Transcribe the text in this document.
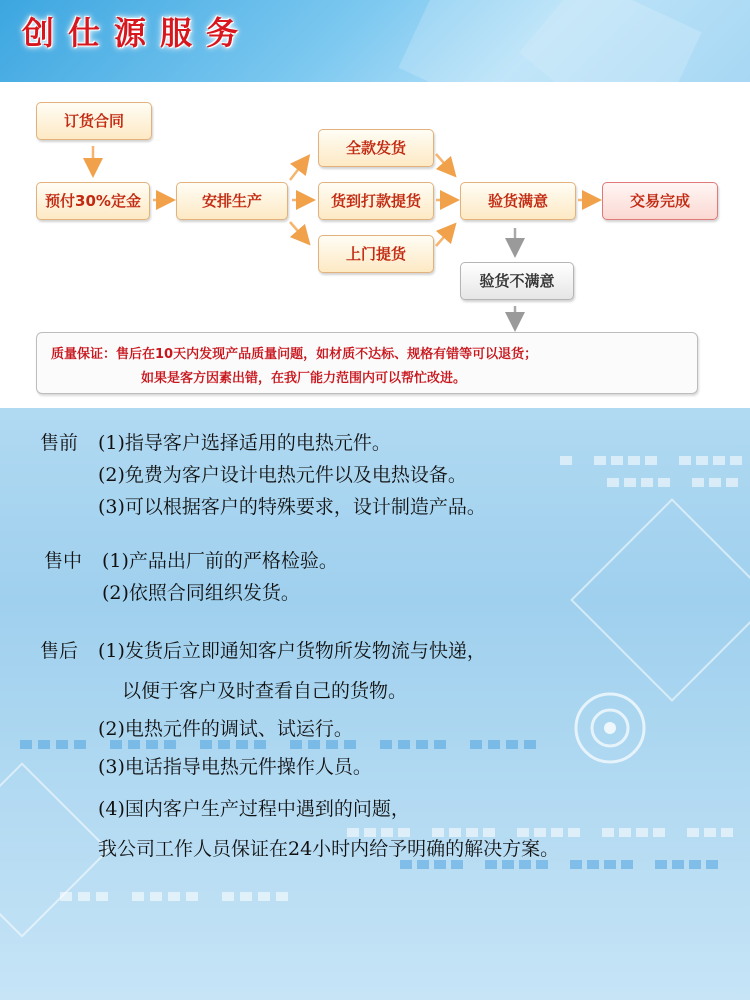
创仕源服务
订货合同
预付30%定金	安排生产
全款发货
货到打款提货
上门提货
验货满意	交易完成
验货不满意
质量保证：售后在10天内发现产品质量问题，如材质不达标、规格有错等可以退货；
如果是客方因素出错，在我厂能力范围内可以帮忙改进。
售前 (1)指导客户选择适用的电热元件。
(2)免费为客户设计电热元件以及电热设备。
(3)可以根据客户的特殊要求，设计制造产品。
售中 (1)产品出厂前的严格检验。
(2)依照合同组织发货。
售后 (1)发货后立即通知客户货物所发物流与快递，
以便于客户及时查看自己的货物。
(2)电热元件的调试、试运行。
(3)电话指导电热元件操作人员。
(4)国内客户生产过程中遇到的问题，
我公司工作人员保证在24小时内给予明确的解决方案。
